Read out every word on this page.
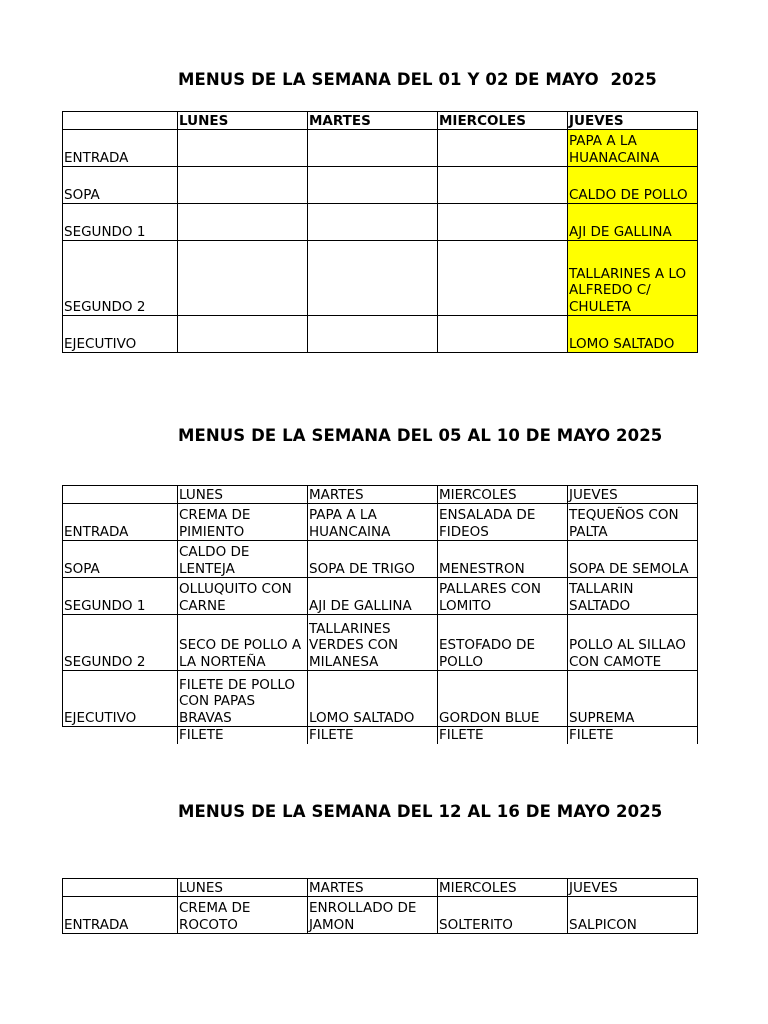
MENUS DE LA SEMANA DEL 01 Y 02 DE MAYO  2025
	LUNES	MARTES	MIERCOLES	JUEVES
ENTRADA				PAPA A LA HUANACAINA
SOPA				CALDO DE POLLO
SEGUNDO 1				AJI DE GALLINA
SEGUNDO 2				TALLARINES A LO ALFREDO C/ CHULETA
EJECUTIVO				LOMO SALTADO
MENUS DE LA SEMANA DEL 05 AL 10 DE MAYO 2025
	LUNES	MARTES	MIERCOLES	JUEVES
ENTRADA	CREMA DE PIMIENTO	PAPA A LA HUANCAINA	ENSALADA DE FIDEOS	TEQUEÑOS CON PALTA
SOPA	CALDO DE LENTEJA	SOPA DE TRIGO	MENESTRON	SOPA DE SEMOLA
SEGUNDO 1	OLLUQUITO CON CARNE	AJI DE GALLINA	PALLARES CON LOMITO	TALLARIN SALTADO
SEGUNDO 2	SECO DE POLLO A LA NORTEÑA	TALLARINES VERDES CON MILANESA	ESTOFADO DE POLLO	POLLO AL SILLAO CON CAMOTE
EJECUTIVO	FILETE DE POLLO CON PAPAS BRAVAS	LOMO SALTADO	GORDON BLUE	SUPREMA
	FILETE	FILETE	FILETE	FILETE
MENUS DE LA SEMANA DEL 12 AL 16 DE MAYO 2025
	LUNES	MARTES	MIERCOLES	JUEVES
ENTRADA	CREMA DE ROCOTO	ENROLLADO DE JAMON	SOLTERITO	SALPICON
